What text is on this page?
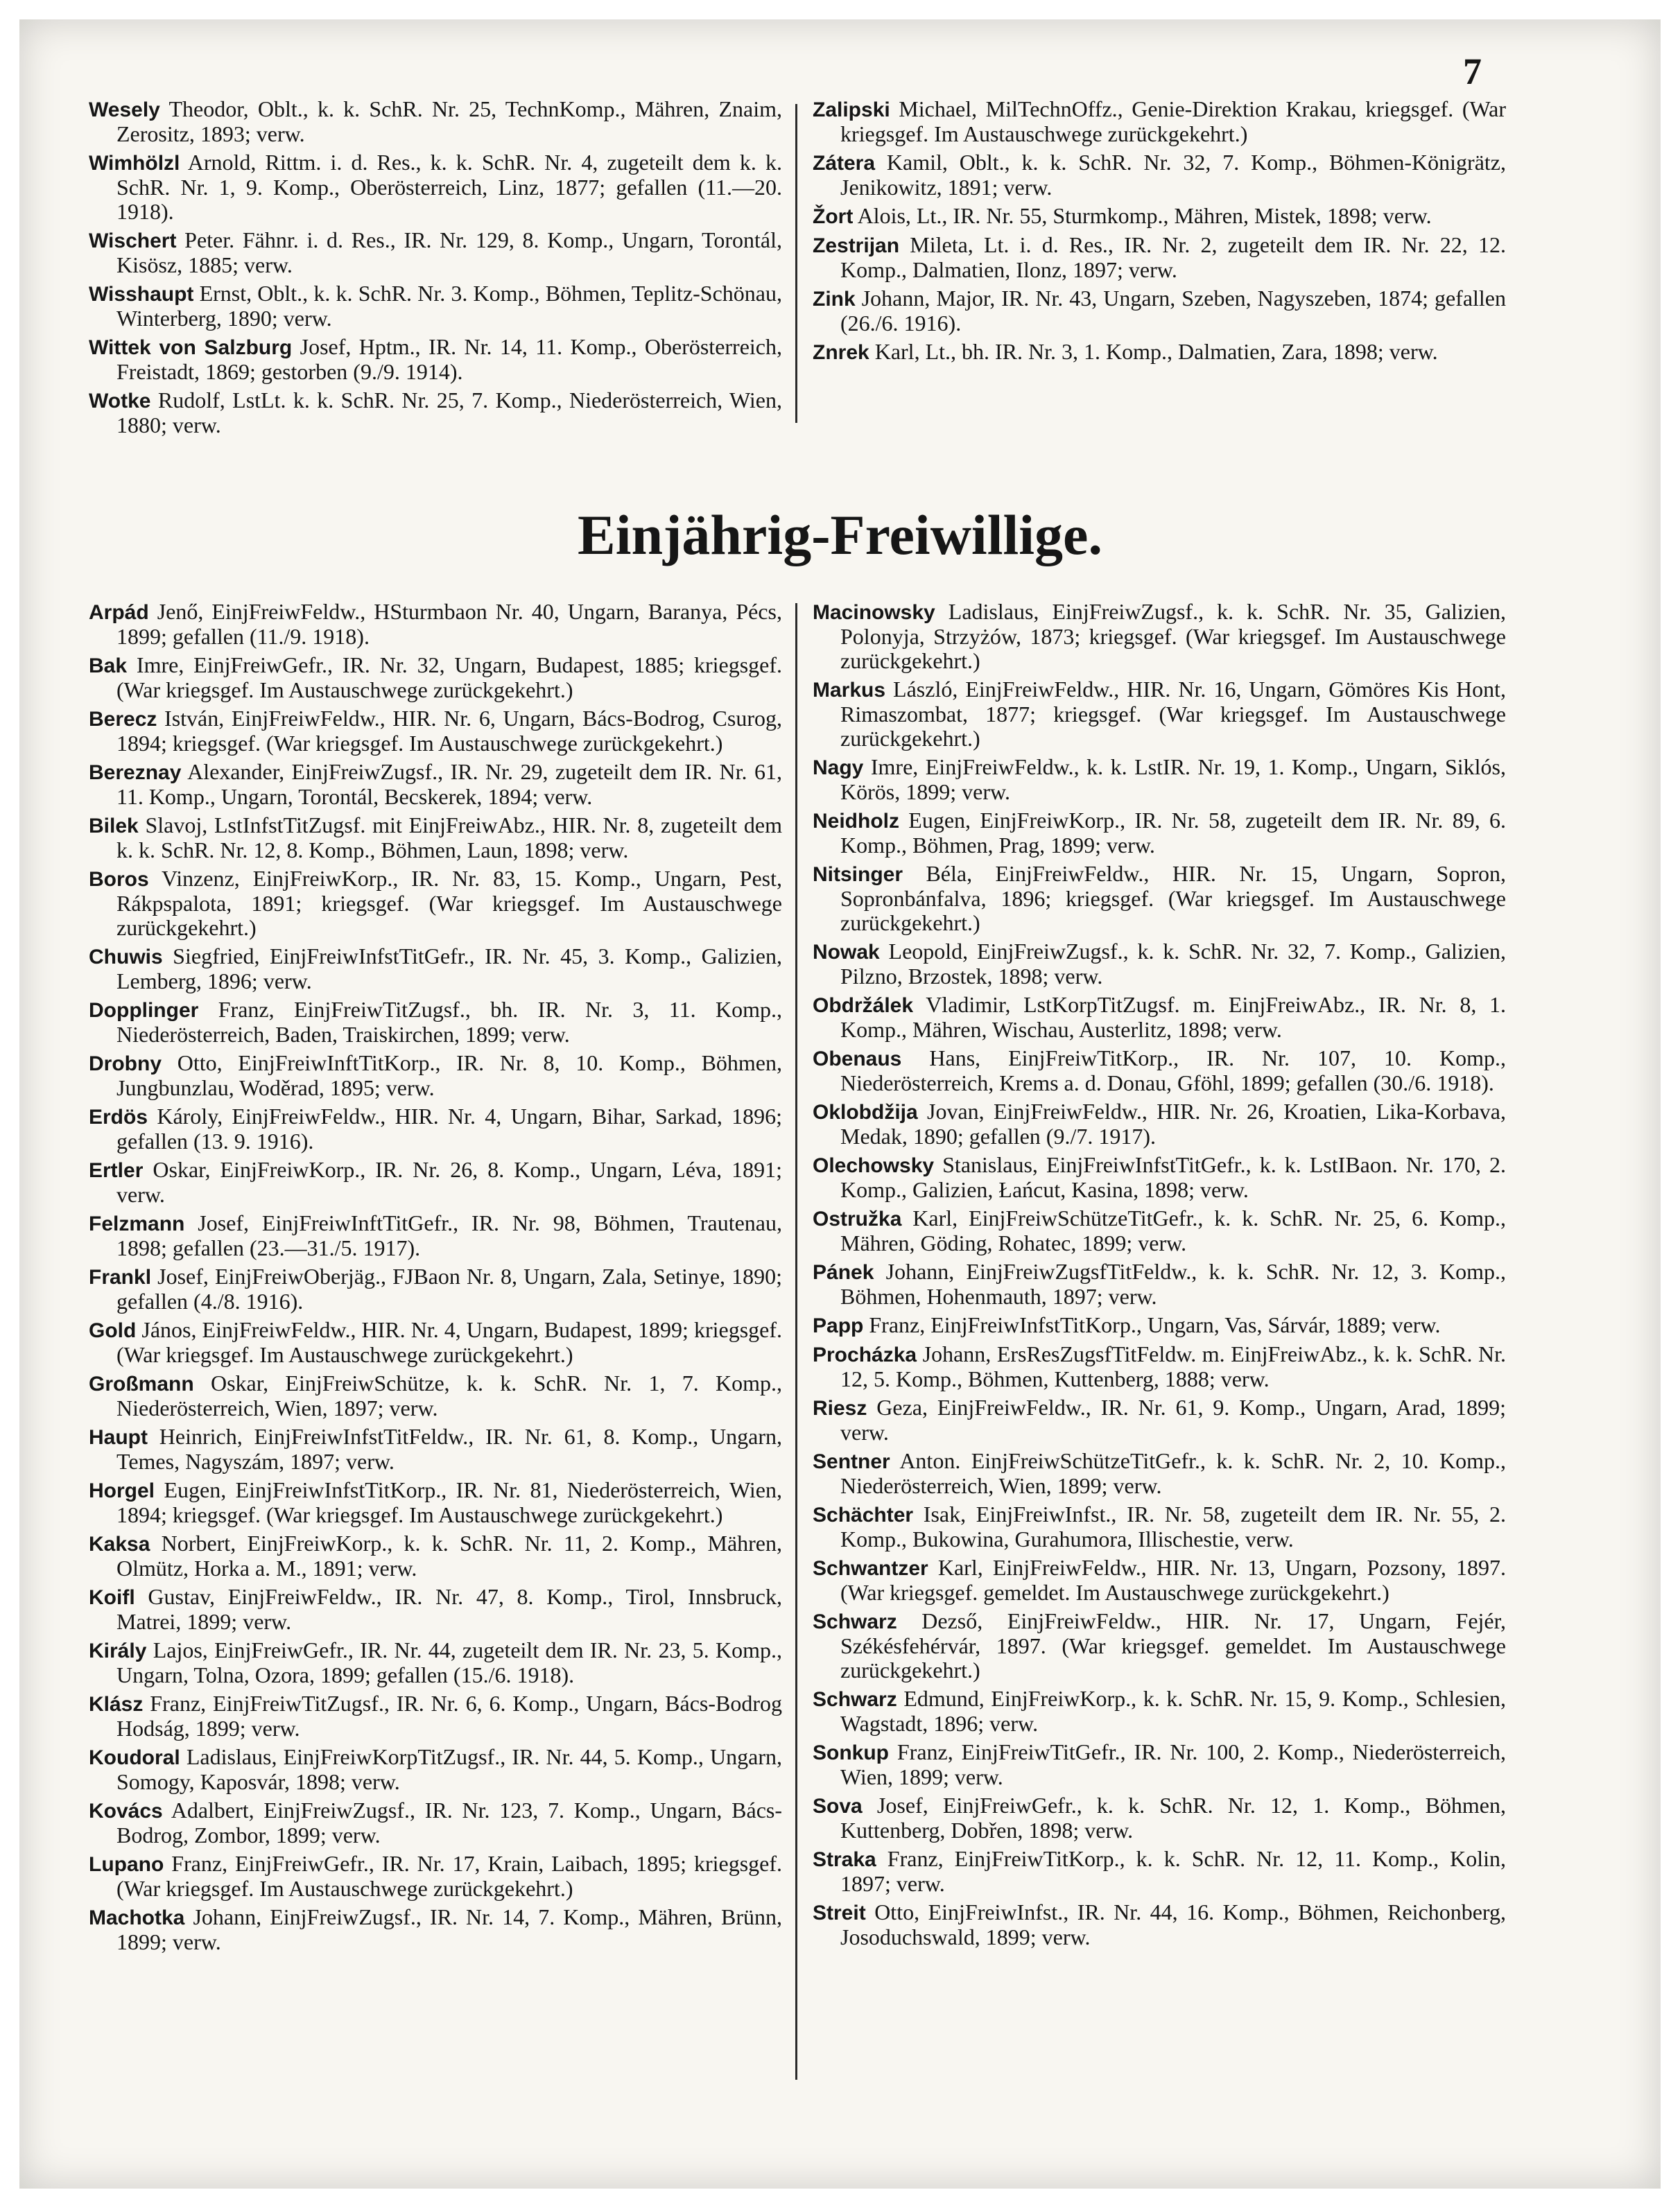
7

Wesely Theodor, Oblt., k. k. SchR. Nr. 25, TechnKomp., Mähren, Znaim, Zerositz, 1893; verw.

Wimhölzl Arnold, Rittm. i. d. Res., k. k. SchR. Nr. 4, zugeteilt dem k. k. SchR. Nr. 1, 9. Komp., Oberösterreich, Linz, 1877; gefallen (11.—20. 1918).

Wischert Peter. Fähnr. i. d. Res., IR. Nr. 129, 8. Komp., Ungarn, Torontál, Kisösz, 1885; verw.

Wisshaupt Ernst, Oblt., k. k. SchR. Nr. 3. Komp., Böhmen, Teplitz-Schönau, Winterberg, 1890; verw.

Wittek von Salzburg Josef, Hptm., IR. Nr. 14, 11. Komp., Oberösterreich, Freistadt, 1869; gestorben (9./9. 1914).

Wotke Rudolf, LstLt. k. k. SchR. Nr. 25, 7. Komp., Niederösterreich, Wien, 1880; verw.

Zalipski Michael, MilTechnOffz., Genie-Direktion Krakau, kriegsgef. (War kriegsgef. Im Austauschwege zurückgekehrt.)

Zátera Kamil, Oblt., k. k. SchR. Nr. 32, 7. Komp., Böhmen-Königrätz, Jenikowitz, 1891; verw.

Žort Alois, Lt., IR. Nr. 55, Sturmkomp., Mähren, Mistek, 1898; verw.

Zestrijan Mileta, Lt. i. d. Res., IR. Nr. 2, zugeteilt dem IR. Nr. 22, 12. Komp., Dalmatien, Ilonz, 1897; verw.

Zink Johann, Major, IR. Nr. 43, Ungarn, Szeben, Nagyszeben, 1874; gefallen (26./6. 1916).

Znrek Karl, Lt., bh. IR. Nr. 3, 1. Komp., Dalmatien, Zara, 1898; verw.

Einjährig-Freiwillige.

Arpád Jenő, EinjFreiwFeldw., HSturmbaon Nr. 40, Ungarn, Baranya, Pécs, 1899; gefallen (11./9. 1918).

Bak Imre, EinjFreiwGefr., IR. Nr. 32, Ungarn, Budapest, 1885; kriegsgef. (War kriegsgef. Im Austauschwege zurückgekehrt.)

Berecz István, EinjFreiwFeldw., HIR. Nr. 6, Ungarn, Bács-Bodrog, Csurog, 1894; kriegsgef. (War kriegsgef. Im Austauschwege zurückgekehrt.)

Bereznay Alexander, EinjFreiwZugsf., IR. Nr. 29, zugeteilt dem IR. Nr. 61, 11. Komp., Ungarn, Torontál, Becskerek, 1894; verw.

Bilek Slavoj, LstInfstTitZugsf. mit EinjFreiwAbz., HIR. Nr. 8, zugeteilt dem k. k. SchR. Nr. 12, 8. Komp., Böhmen, Laun, 1898; verw.

Boros Vinzenz, EinjFreiwKorp., IR. Nr. 83, 15. Komp., Ungarn, Pest, Rákpspalota, 1891; kriegsgef. (War kriegsgef. Im Austauschwege zurückgekehrt.)

Chuwis Siegfried, EinjFreiwInfstTitGefr., IR. Nr. 45, 3. Komp., Galizien, Lemberg, 1896; verw.

Dopplinger Franz, EinjFreiwTitZugsf., bh. IR. Nr. 3, 11. Komp., Niederösterreich, Baden, Traiskirchen, 1899; verw.

Drobny Otto, EinjFreiwInftTitKorp., IR. Nr. 8, 10. Komp., Böhmen, Jungbunzlau, Woděrad, 1895; verw.

Erdös Károly, EinjFreiwFeldw., HIR. Nr. 4, Ungarn, Bihar, Sarkad, 1896; gefallen (13. 9. 1916).

Ertler Oskar, EinjFreiwKorp., IR. Nr. 26, 8. Komp., Ungarn, Léva, 1891; verw.

Felzmann Josef, EinjFreiwInftTitGefr., IR. Nr. 98, Böhmen, Trautenau, 1898; gefallen (23.—31./5. 1917).

Frankl Josef, EinjFreiwOberjäg., FJBaon Nr. 8, Ungarn, Zala, Setinye, 1890; gefallen (4./8. 1916).

Gold János, EinjFreiwFeldw., HIR. Nr. 4, Ungarn, Budapest, 1899; kriegsgef. (War kriegsgef. Im Austauschwege zurückgekehrt.)

Großmann Oskar, EinjFreiwSchütze, k. k. SchR. Nr. 1, 7. Komp., Niederösterreich, Wien, 1897; verw.

Haupt Heinrich, EinjFreiwInfstTitFeldw., IR. Nr. 61, 8. Komp., Ungarn, Temes, Nagyszám, 1897; verw.

Horgel Eugen, EinjFreiwInfstTitKorp., IR. Nr. 81, Niederösterreich, Wien, 1894; kriegsgef. (War kriegsgef. Im Austauschwege zurückgekehrt.)

Kaksa Norbert, EinjFreiwKorp., k. k. SchR. Nr. 11, 2. Komp., Mähren, Olmütz, Horka a. M., 1891; verw.

Koifl Gustav, EinjFreiwFeldw., IR. Nr. 47, 8. Komp., Tirol, Innsbruck, Matrei, 1899; verw.

Király Lajos, EinjFreiwGefr., IR. Nr. 44, zugeteilt dem IR. Nr. 23, 5. Komp., Ungarn, Tolna, Ozora, 1899; gefallen (15./6. 1918).

Klász Franz, EinjFreiwTitZugsf., IR. Nr. 6, 6. Komp., Ungarn, Bács-Bodrog Hodság, 1899; verw.

Koudoral Ladislaus, EinjFreiwKorpTitZugsf., IR. Nr. 44, 5. Komp., Ungarn, Somogy, Kaposvár, 1898; verw.

Kovács Adalbert, EinjFreiwZugsf., IR. Nr. 123, 7. Komp., Ungarn, Bács-Bodrog, Zombor, 1899; verw.

Lupano Franz, EinjFreiwGefr., IR. Nr. 17, Krain, Laibach, 1895; kriegsgef. (War kriegsgef. Im Austauschwege zurückgekehrt.)

Machotka Johann, EinjFreiwZugsf., IR. Nr. 14, 7. Komp., Mähren, Brünn, 1899; verw.

Macinowsky Ladislaus, EinjFreiwZugsf., k. k. SchR. Nr. 35, Galizien, Polonyja, Strzyżów, 1873; kriegsgef. (War kriegsgef. Im Austauschwege zurückgekehrt.)

Markus László, EinjFreiwFeldw., HIR. Nr. 16, Ungarn, Gömöres Kis Hont, Rimaszombat, 1877; kriegsgef. (War kriegsgef. Im Austauschwege zurückgekehrt.)

Nagy Imre, EinjFreiwFeldw., k. k. LstIR. Nr. 19, 1. Komp., Ungarn, Siklós, Körös, 1899; verw.

Neidholz Eugen, EinjFreiwKorp., IR. Nr. 58, zugeteilt dem IR. Nr. 89, 6. Komp., Böhmen, Prag, 1899; verw.

Nitsinger Béla, EinjFreiwFeldw., HIR. Nr. 15, Ungarn, Sopron, Sopronbánfalva, 1896; kriegsgef. (War kriegsgef. Im Austauschwege zurückgekehrt.)

Nowak Leopold, EinjFreiwZugsf., k. k. SchR. Nr. 32, 7. Komp., Galizien, Pilzno, Brzostek, 1898; verw.

Obdržálek Vladimir, LstKorpTitZugsf. m. EinjFreiwAbz., IR. Nr. 8, 1. Komp., Mähren, Wischau, Austerlitz, 1898; verw.

Obenaus Hans, EinjFreiwTitKorp., IR. Nr. 107, 10. Komp., Niederösterreich, Krems a. d. Donau, Gföhl, 1899; gefallen (30./6. 1918).

Oklobdžija Jovan, EinjFreiwFeldw., HIR. Nr. 26, Kroatien, Lika-Korbava, Medak, 1890; gefallen (9./7. 1917).

Olechowsky Stanislaus, EinjFreiwInfstTitGefr., k. k. LstIBaon. Nr. 170, 2. Komp., Galizien, Łańcut, Kasina, 1898; verw.

Ostružka Karl, EinjFreiwSchützeTitGefr., k. k. SchR. Nr. 25, 6. Komp., Mähren, Göding, Rohatec, 1899; verw.

Pánek Johann, EinjFreiwZugsfTitFeldw., k. k. SchR. Nr. 12, 3. Komp., Böhmen, Hohenmauth, 1897; verw.

Papp Franz, EinjFreiwInfstTitKorp., Ungarn, Vas, Sárvár, 1889; verw.

Procházka Johann, ErsResZugsfTitFeldw. m. EinjFreiwAbz., k. k. SchR. Nr. 12, 5. Komp., Böhmen, Kuttenberg, 1888; verw.

Riesz Geza, EinjFreiwFeldw., IR. Nr. 61, 9. Komp., Ungarn, Arad, 1899; verw.

Sentner Anton. EinjFreiwSchützeTitGefr., k. k. SchR. Nr. 2, 10. Komp., Niederösterreich, Wien, 1899; verw.

Schächter Isak, EinjFreiwInfst., IR. Nr. 58, zugeteilt dem IR. Nr. 55, 2. Komp., Bukowina, Gurahumora, Illischestie, verw.

Schwantzer Karl, EinjFreiwFeldw., HIR. Nr. 13, Ungarn, Pozsony, 1897. (War kriegsgef. gemeldet. Im Austauschwege zurückgekehrt.)

Schwarz Dezső, EinjFreiwFeldw., HIR. Nr. 17, Ungarn, Fejér, Székésfehérvár, 1897. (War kriegsgef. gemeldet. Im Austauschwege zurückgekehrt.)

Schwarz Edmund, EinjFreiwKorp., k. k. SchR. Nr. 15, 9. Komp., Schlesien, Wagstadt, 1896; verw.

Sonkup Franz, EinjFreiwTitGefr., IR. Nr. 100, 2. Komp., Niederösterreich, Wien, 1899; verw.

Sova Josef, EinjFreiwGefr., k. k. SchR. Nr. 12, 1. Komp., Böhmen, Kuttenberg, Dobřen, 1898; verw.

Straka Franz, EinjFreiwTitKorp., k. k. SchR. Nr. 12, 11. Komp., Kolin, 1897; verw.

Streit Otto, EinjFreiwInfst., IR. Nr. 44, 16. Komp., Böhmen, Reichonberg, Josoduchswald, 1899; verw.
